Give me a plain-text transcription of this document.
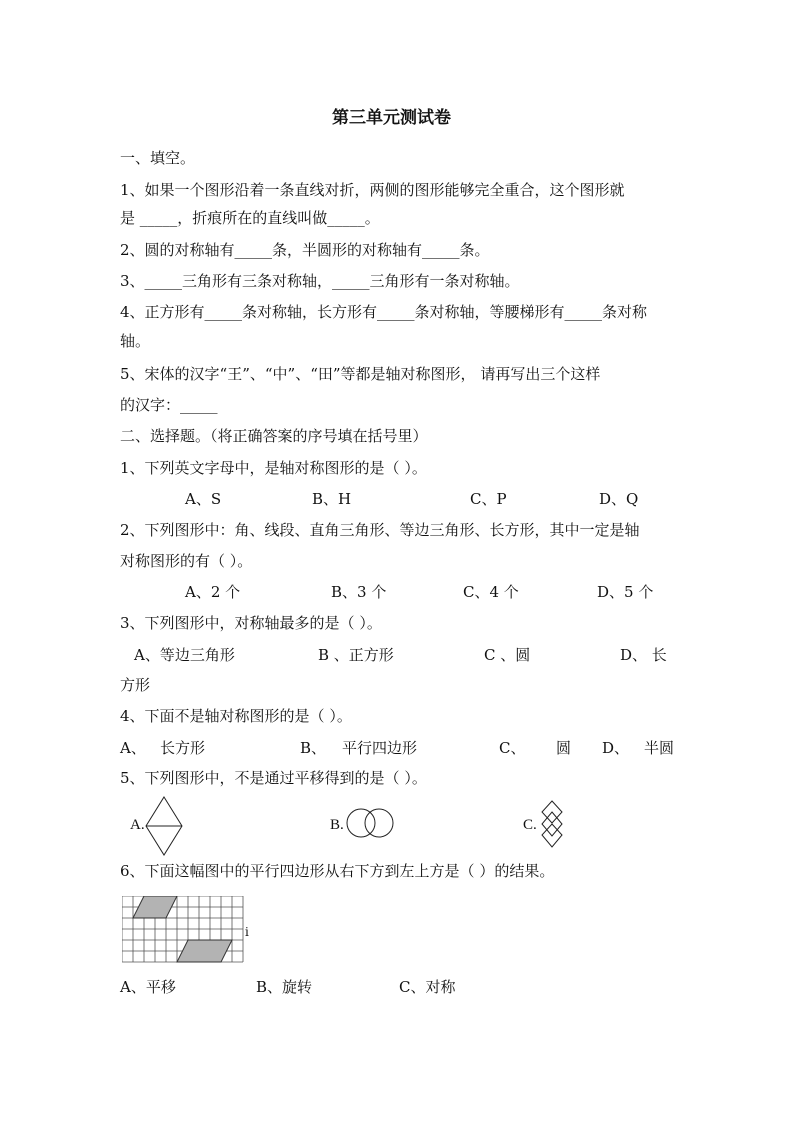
第三单元测试卷
一、填空。
1、如果一个图形沿着一条直线对折，两侧的图形能够完全重合，这个图形就
是 _____，折痕所在的直线叫做_____。
2、圆的对称轴有_____条，半圆形的对称轴有_____条。
3、_____三角形有三条对称轴，_____三角形有一条对称轴。
4、正方形有_____条对称轴，长方形有_____条对称轴，等腰梯形有_____条对称
轴。
5、宋体的汉字“王”、“中”、“田”等都是轴对称图形， 请再写出三个这样
的汉字：_____
二、选择题。（将正确答案的序号填在括号里）
1、下列英文字母中，是轴对称图形的是（ ）。
A、S	B、H	C、P	D、Q
2、下列图形中：角、线段、直角三角形、等边三角形、长方形，其中一定是轴
对称图形的有（ ）。
A、2 个	B、3 个	C、4 个	D、5 个
3、下列图形中，对称轴最多的是（ ）。
A、等边三角形	B 、正方形	C 、圆	D、 长
方形
4、下面不是轴对称图形的是（ ）。
A、 长方形	B、 平行四边形	C、 圆 D、 半圆
5、下列图形中，不是通过平移得到的是（ ）。
A.	B.	C.
6、下面这幅图中的平行四边形从右下方到左上方是（ ）的结果。
i
A、平移	B、旋转	C、对称
